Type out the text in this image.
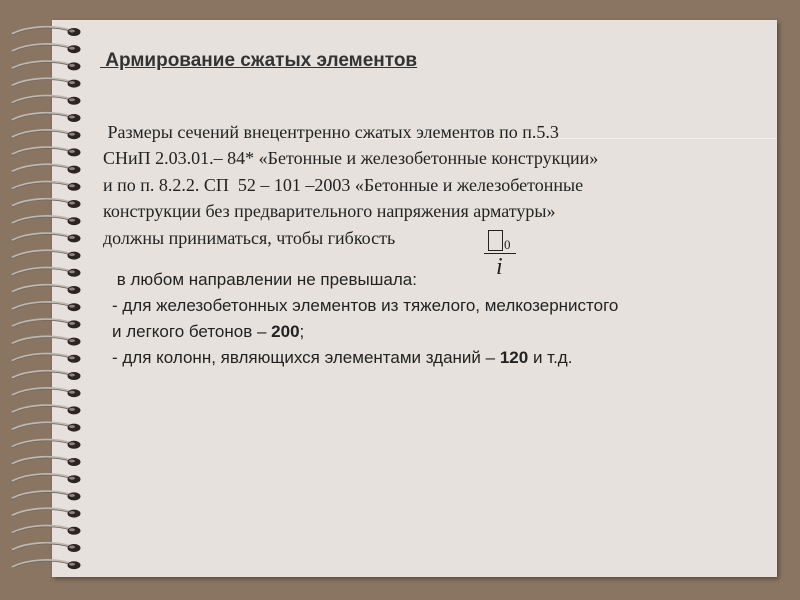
Армирование сжатых элементов
Размеры сечений внецентренно сжатых элементов по п.5.3
СНиП 2.03.01.– 84* «Бетонные и железобетонные конструкции»
и по п. 8.2.2. СП  52 – 101 –2003 «Бетонные и железобетонные
конструкции без предварительного напряжения арматуры»
должны приниматься, чтобы гибкость	0
i
в любом направлении не превышала:
- для железобетонных элементов из тяжелого, мелкозернистого
и легкого бетонов – 200;
- для колонн, являющихся элементами зданий – 120 и т.д.
